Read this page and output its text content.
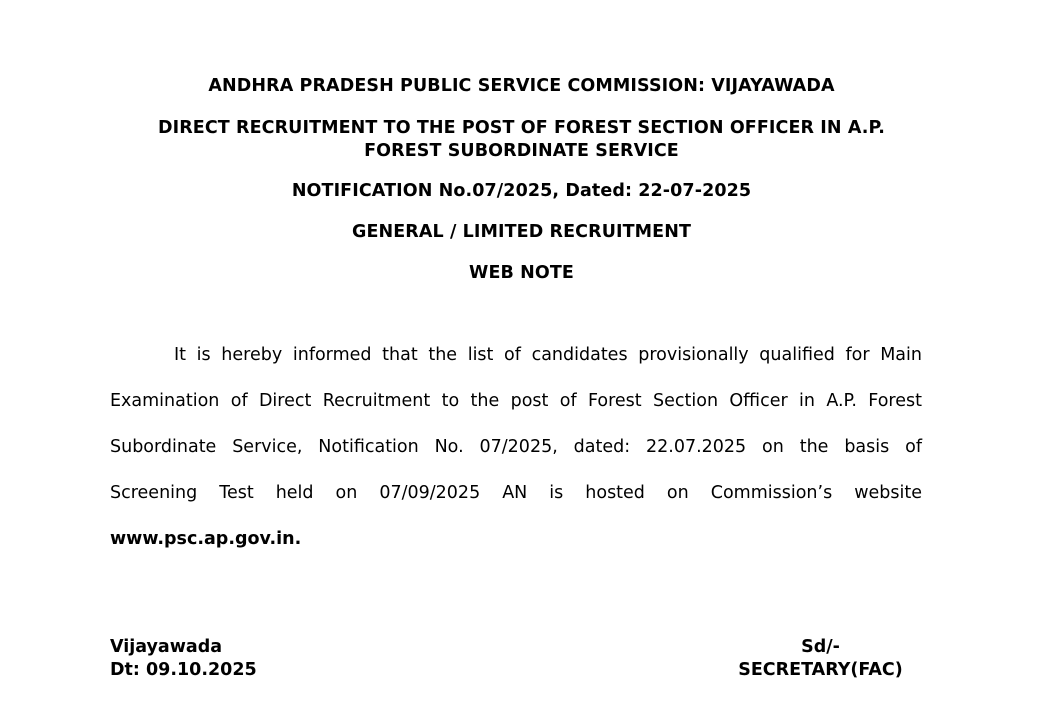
ANDHRA PRADESH PUBLIC SERVICE COMMISSION: VIJAYAWADA
DIRECT RECRUITMENT TO THE POST OF FOREST SECTION OFFICER IN A.P.
FOREST SUBORDINATE SERVICE
NOTIFICATION No.07/2025, Dated: 22-07-2025
GENERAL / LIMITED RECRUITMENT
WEB NOTE
It is hereby informed that the list of candidates provisionally qualified for Main
Examination of Direct Recruitment to the post of Forest Section Officer in A.P. Forest
Subordinate Service, Notification No. 07/2025, dated: 22.07.2025 on the basis of
Screening Test held on 07/09/2025 AN is hosted on Commission’s website
www.psc.ap.gov.in.
Vijayawada
Dt: 09.10.2025
Sd/-
SECRETARY(FAC)
